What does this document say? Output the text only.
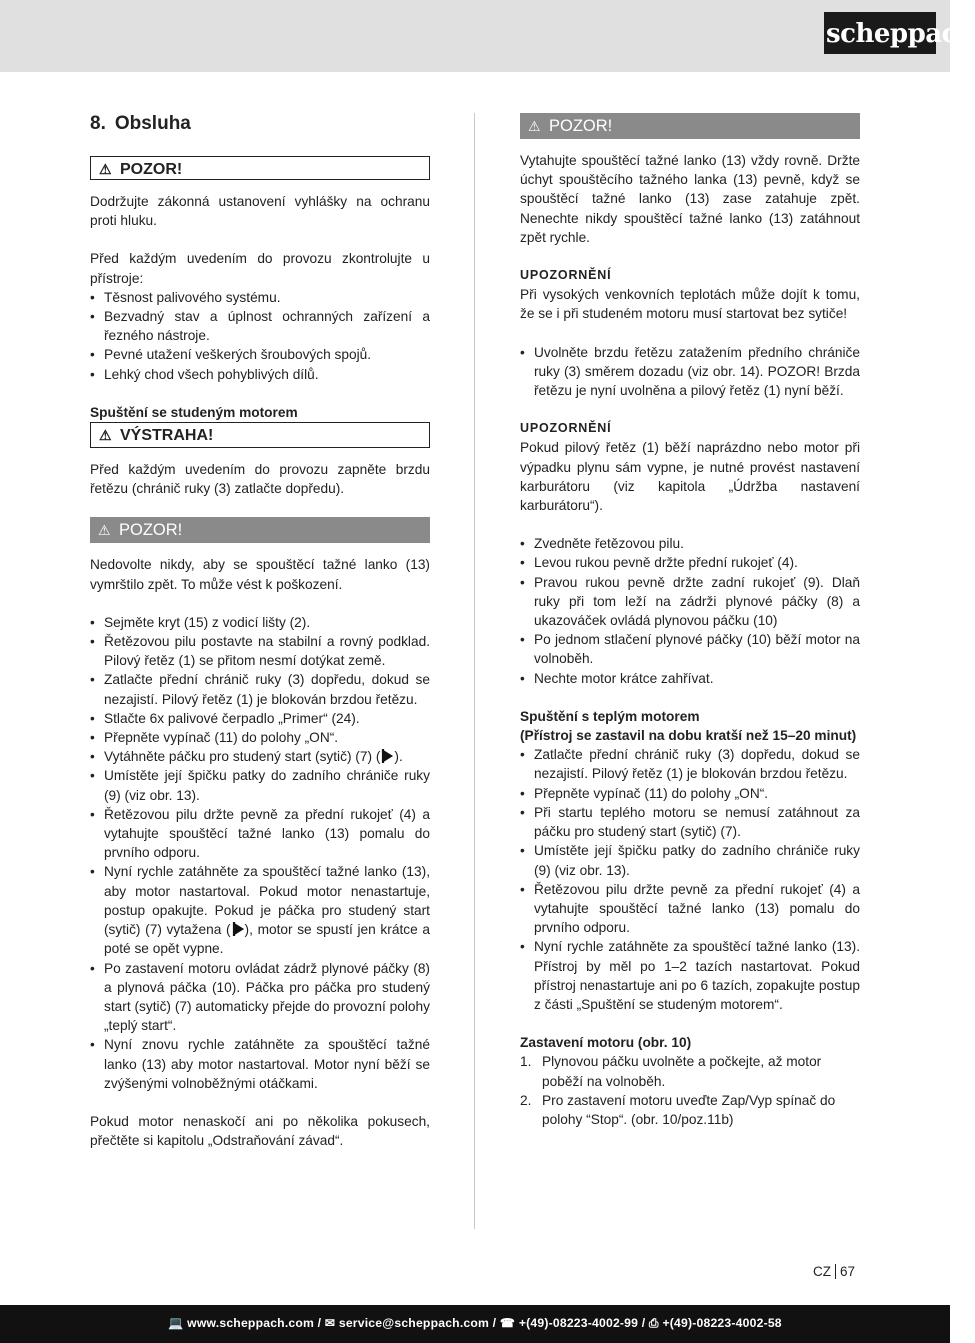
scheppach
8. Obsluha
⚠ POZOR!

Dodržujte zákonná ustanovení vyhlášky na ochranu proti hluku.

Před každým uvedením do provozu zkontrolujte u přístroje:

• Těsnost palivového systému.
• Bezvadný stav a úplnost ochranných zařízení a řezného nástroje.
• Pevné utažení veškerých šroubových spojů.
• Lehký chod všech pohyblivých dílů.
Spuštění se studeným motorem
⚠ VÝSTRAHA!

Před každým uvedením do provozu zapněte brzdu řetězu (chránič ruky (3) zatlačte dopředu).

⚠ POZOR!

Nedovolte nikdy, aby se spouštěcí tažné lanko (13) vymrštilo zpět. To může vést k poškození.

• Sejměte kryt (15) z vodicí lišty (2).
• Řetězovou pilu postavte na stabilní a rovný podklad. Pilový řetěz (1) se přitom nesmí dotýkat země.
• Zatlačte přední chránič ruky (3) dopředu, dokud se nezajistí. Pilový řetěz (1) je blokován brzdou řetězu.
• Stlačte 6x palivové čerpadlo „Primer“ (24).
• Přepněte vypínač (11) do polohy „ON“.
• Vytáhněte páčku pro studený start (sytič) (7) ( ).
• Umístěte její špičku patky do zadního chrániče ruky (9) (viz obr. 13).
• Řetězovou pilu držte pevně za přední rukojeť (4) a vytahujte spouštěcí tažné lanko (13) pomalu do prvního odporu.
• Nyní rychle zatáhněte za spouštěcí tažné lanko (13), aby motor nastartoval. Pokud motor nenastartuje, postup opakujte. Pokud je páčka pro studený start (sytič) (7) vytažena ( ), motor se spustí jen krátce a poté se opět vypne.
• Po zastavení motoru ovládat zádrž plynové páčky (8) a plynová páčka (10). Páčka pro páčka pro studený start (sytič) (7) automaticky přejde do provozní polohy „teplý start“.
• Nyní znovu rychle zatáhněte za spouštěcí tažné lanko (13) aby motor nastartoval. Motor nyní běží se zvýšenými volnoběžnými otáčkami.

Pokud motor nenaskočí ani po několika pokusech, přečtěte si kapitolu „Odstraňování závad“.

⚠ POZOR!

Vytahujte spouštěcí tažné lanko (13) vždy rovně. Držte úchyt spouštěcího tažného lanka (13) pevně, když se spouštěcí tažné lanko (13) zase zatahuje zpět. Nenechte nikdy spouštěcí tažné lanko (13) zatáhnout zpět rychle.

UPOZORNĚNÍ

Při vysokých venkovních teplotách může dojít k tomu, že se i při studeném motoru musí startovat bez sytiče!

• Uvolněte brzdu řetězu zatažením předního chrániče ruky (3) směrem dozadu (viz obr. 14). POZOR! Brzda řetězu je nyní uvolněna a pilový řetěz (1) nyní běží.
UPOZORNĚNÍ

Pokud pilový řetěz (1) běží naprázdno nebo motor při výpadku plynu sám vypne, je nutné provést nastavení karburátoru (viz kapitola „Údržba nastavení karburátoru“).

• Zvedněte řetězovou pilu.
• Levou rukou pevně držte přední rukojeť (4).
• Pravou rukou pevně držte zadní rukojeť (9). Dlaň ruky při tom leží na zádrži plynové páčky (8) a ukazováček ovládá plynovou páčku (10)
• Po jednom stlačení plynové páčky (10) běží motor na volnoběh.
• Nechte motor krátce zahřívat.
Spuštění s teplým motorem
(Přístroj se zastavil na dobu kratší než 15–20 minut)
• Zatlačte přední chránič ruky (3) dopředu, dokud se nezajistí. Pilový řetěz (1) je blokován brzdou řetězu.
• Přepněte vypínač (11) do polohy „ON“.
• Při startu teplého motoru se nemusí zatáhnout za páčku pro studený start (sytič) (7).
• Umístěte její špičku patky do zadního chrániče ruky (9) (viz obr. 13).
• Řetězovou pilu držte pevně za přední rukojeť (4) a vytahujte spouštěcí tažné lanko (13) pomalu do prvního odporu.
• Nyní rychle zatáhněte za spouštěcí tažné lanko (13). Přístroj by měl po 1–2 tazích nastartovat. Pokud přístroj nenastartuje ani po 6 tazích, zopakujte postup z části „Spuštění se studeným motorem“.
Zastavení motoru (obr. 10)
1. Plynovou páčku uvolněte a počkejte, až motor poběží na volnoběh.
2. Pro zastavení motoru uveďte Zap/Vyp spínač do polohy “Stop“. (obr. 10/poz.11b)
CZ 67
💻 www.scheppach.com / ✉ service@scheppach.com / ☎ +(49)-08223-4002-99 / ⎙ +(49)-08223-4002-58
